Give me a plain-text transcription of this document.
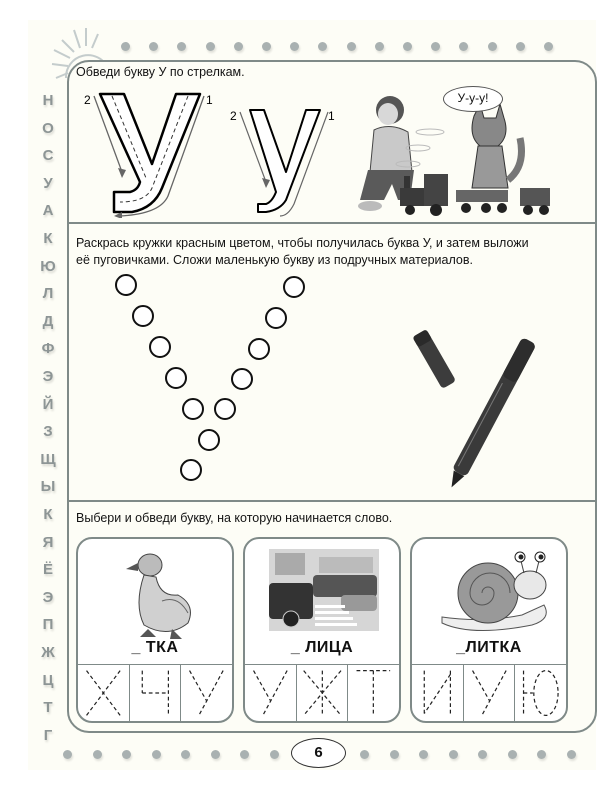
Н
О
С
У
А
К
Ю
Л
Д
Ф
Э
Й
З
Щ
Ы
К
Я
Ё
Э
П
Ж
Ц
Т
Г
Обведи букву У по стрелкам.
2	1
2	1
У-у-у!
Раскрась кружки красным цветом, чтобы получилась буква У, и затем выложи
её пуговичками. Сложи маленькую букву из подручных материалов.
Выбери и обведи букву, на которую начинается слово.
_ ТКА	_ ЛИЦА	_ЛИТКА
6
